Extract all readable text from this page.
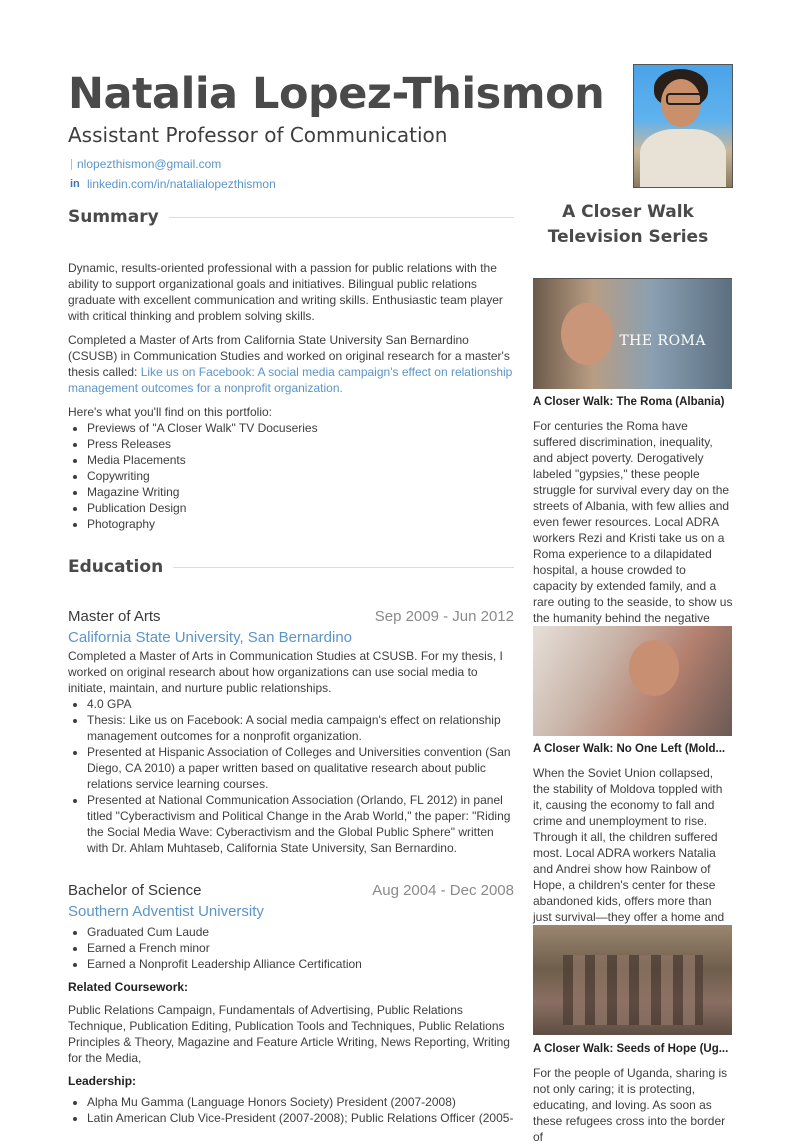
Natalia Lopez-Thismon
Assistant Professor of Communication
nlopezthismon@gmail.com
in linkedin.com/in/natalialopezthismon
Summary

Dynamic, results-oriented professional with a passion for public relations with the ability to support organizational goals and initiatives. Bilingual public relations graduate with excellent communication and writing skills. Enthusiastic team player with critical thinking and problem solving skills.

Completed a Master of Arts from California State University San Bernardino (CSUSB) in Communication Studies and worked on original research for a master's thesis called: Like us on Facebook: A social media campaign's effect on relationship management outcomes for a nonprofit organization.

Here's what you'll find on this portfolio:

• Previews of "A Closer Walk" TV Docuseries
• Press Releases
• Media Placements
• Copywriting
• Magazine Writing
• Publication Design
• Photography
Education
Master of Arts	Sep 2009 - Jun 2012
California State University, San Bernardino

Completed a Master of Arts in Communication Studies at CSUSB. For my thesis, I worked on original research about how organizations can use social media to initiate, maintain, and nurture public relationships.

• 4.0 GPA
• Thesis: Like us on Facebook: A social media campaign's effect on relationship management outcomes for a nonprofit organization.
• Presented at Hispanic Association of Colleges and Universities convention (San Diego, CA 2010) a paper written based on qualitative research about public relations service learning courses.
• Presented at National Communication Association (Orlando, FL 2012) in panel titled "Cyberactivism and Political Change in the Arab World," the paper: "Riding the Social Media Wave: Cyberactivism and the Global Public Sphere" written with Dr. Ahlam Muhtaseb, California State University, San Bernardino.
Bachelor of Science	Aug 2004 - Dec 2008
Southern Adventist University
• Graduated Cum Laude
• Earned a French minor
• Earned a Nonprofit Leadership Alliance Certification
Related Coursework:

Public Relations Campaign, Fundamentals of Advertising, Public Relations Technique, Publication Editing, Publication Tools and Techniques, Public Relations Principles & Theory, Magazine and Feature Article Writing, News Reporting, Writing for the Media,

Leadership:
• Alpha Mu Gamma (Language Honors Society) President (2007-2008)
• Latin American Club Vice-President (2007-2008); Public Relations Officer (2005-
A Closer Walk Television Series
THE ROMA
A Closer Walk: The Roma (Albania)
For centuries the Roma have suffered discrimination, inequality, and abject poverty. Derogatively labeled "gypsies," these people struggle for survival every day on the streets of Albania, with few allies and even fewer resources. Local ADRA workers Rezi and Kristi take us on a Roma experience to a dilapidated hospital, a house crowded to capacity by extended family, and a rare outing to the seaside, to show us the humanity behind the negative
A Closer Walk: No One Left (Mold...
When the Soviet Union collapsed, the stability of Moldova toppled with it, causing the economy to fall and crime and unemployment to rise. Through it all, the children suffered most. Local ADRA workers Natalia and Andrei show how Rainbow of Hope, a children's center for these abandoned kids, offers more than just survival—they offer a home and
A Closer Walk: Seeds of Hope (Ug...
For the people of Uganda, sharing is not only caring; it is protecting, educating, and loving. As soon as these refugees cross into the border of
